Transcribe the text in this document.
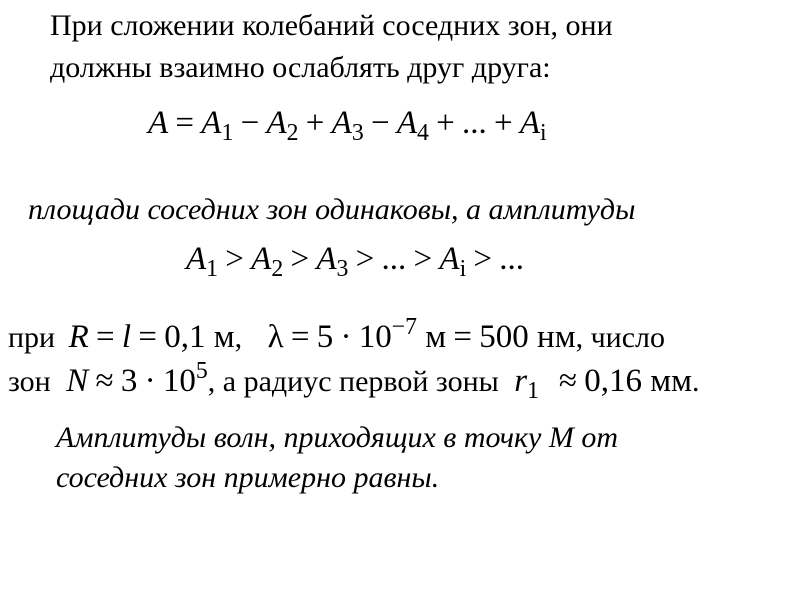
При сложении колебаний соседних зон, они
должны взаимно ослаблять друг друга:
$A = A_1 - A_2 + A_3 - A_4$ + ... + $A_i$
площади соседних зон одинаковы, а амплитуды
$A_1 > A_2 > A_3$ > ... > $A_i$ > ...
при R = l = 0,1 м, $\lambda = 5 \cdot 10^{-7}$ м = 500 нм, число
зон $N \approx 3 \cdot 10^5$, а радиус первой зоны $r_1 \approx 0,16$ мм.
Амплитуды волн, приходящих в точку М от
соседних зон примерно равны.
